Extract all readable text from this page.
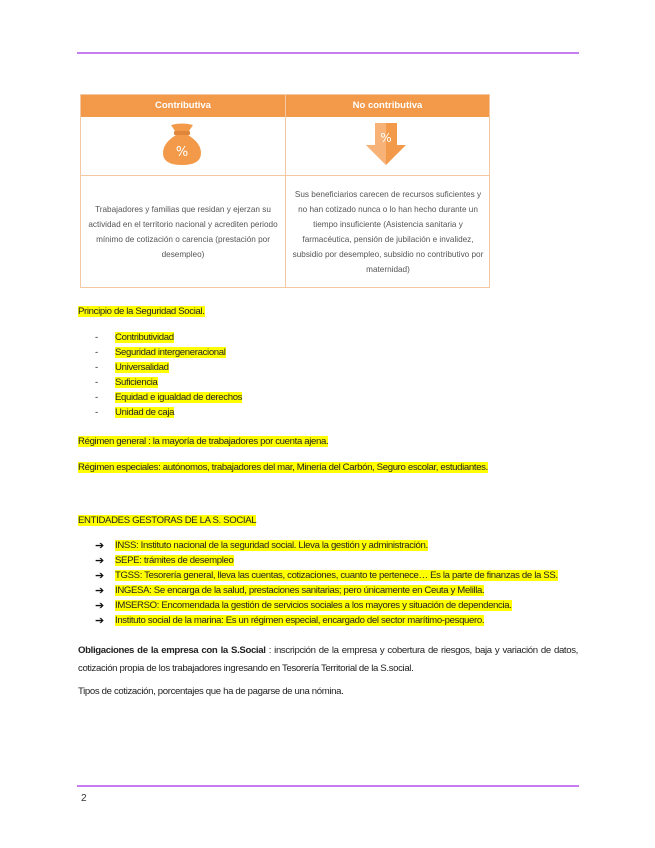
Contributiva	No contributiva
%
%
Trabajadores y familias que residan y ejerzan su actividad en el territorio nacional y acrediten periodo mínimo de cotización o carencia (prestación por desempleo)
Sus beneficiarios carecen de recursos suficientes y no han cotizado nunca o lo han hecho durante un tiempo insuficiente (Asistencia sanitaria y farmacéutica, pensión de jubilación e invalidez, subsidio por desempleo, subsidio no contributivo por maternidad)
Principio de la Seguridad Social.
- Contributividad
- Seguridad intergeneracional
- Universalidad
- Suficiencia
- Equidad e igualdad de derechos
- Unidad de caja
Régimen general : la mayoría de trabajadores por cuenta ajena.
Régimen especiales: autónomos, trabajadores del mar, Minería del Carbón, Seguro escolar, estudiantes.
ENTIDADES GESTORAS DE LA S. SOCIAL
➔ INSS: Instituto nacional de la seguridad social. Lleva la gestión y administración.
➔ SEPE: trámites de desempleo
➔ TGSS: Tesorería general, lleva las cuentas, cotizaciones, cuanto te pertenece… Es la parte de finanzas de la SS.
➔ INGESA: Se encarga de la salud, prestaciones sanitarias; pero únicamente en Ceuta y Melilla.
➔ IMSERSO: Encomendada la gestión de servicios sociales a los mayores y situación de dependencia.
➔ Instituto social de la marina: Es un régimen especial, encargado del sector marítimo-pesquero.
Obligaciones de la empresa con la S.Social : inscripción de la empresa y cobertura de riesgos, baja y variación de datos, cotización propia de los trabajadores ingresando en Tesorería Territorial de la S.social.
Tipos de cotización, porcentajes que ha de pagarse de una nómina.
2
